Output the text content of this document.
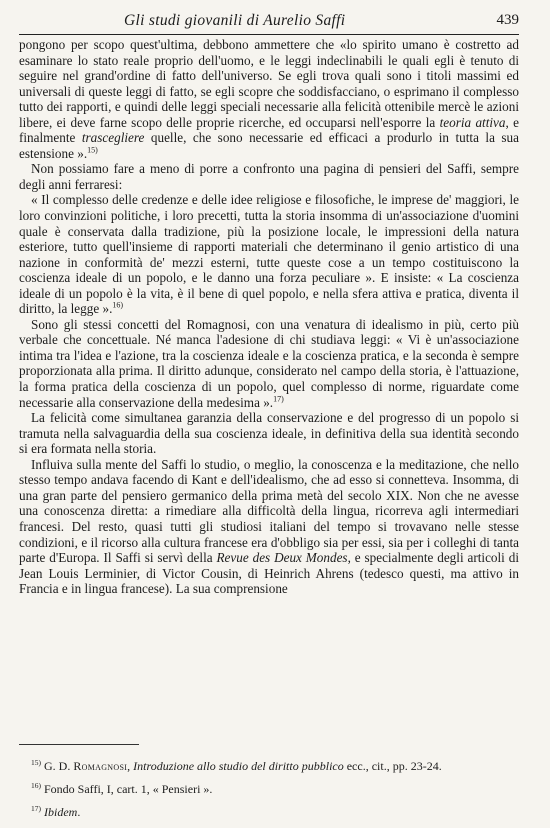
Gli studi giovanili di Aurelio Saffi	439

pongono per scopo quest'ultima, debbono ammettere che «lo spirito umano è costretto ad esaminare lo stato reale proprio dell'uomo, e le leggi indeclinabili le quali egli è tenuto di seguire nel grand'ordine di fatto dell'universo. Se egli trova quali sono i titoli massimi ed universali di queste leggi di fatto, se egli scopre che soddisfacciano, o esprimano il complesso tutto dei rapporti, e quindi delle leggi speciali necessarie alla felicità ottenibile mercè le azioni libere, ei deve farne scopo delle proprie ricerche, ed occuparsi nell'esporre la teoria attiva, e finalmente trascegliere quelle, che sono necessarie ed efficaci a produrlo in tutta la sua estensione ».$^{15)}$

Non possiamo fare a meno di porre a confronto una pagina di pensieri del Saffi, sempre degli anni ferraresi:

« Il complesso delle credenze e delle idee religiose e filosofiche, le imprese de' maggiori, le loro convinzioni politiche, i loro precetti, tutta la storia insomma di un'associazione d'uomini quale è conservata dalla tradizione, più la posizione locale, le impressioni della natura esteriore, tutto quell'insieme di rapporti materiali che determinano il genio artistico di una nazione in conformità de' mezzi esterni, tutte queste cose a un tempo costituiscono la coscienza ideale di un popolo, e le danno una forza peculiare ». E insiste: « La coscienza ideale di un popolo è la vita, è il bene di quel popolo, e nella sfera attiva e pratica, diventa il diritto, la legge ».$^{16)}$

Sono gli stessi concetti del Romagnosi, con una venatura di idealismo in più, certo più verbale che concettuale. Né manca l'adesione di chi studiava leggi: « Vi è un'associazione intima tra l'idea e l'azione, tra la coscienza ideale e la coscienza pratica, e la seconda è sempre proporzionata alla prima. Il diritto adunque, considerato nel campo della storia, è l'attuazione, la forma pratica della coscienza di un popolo, quel complesso di norme, riguardate come necessarie alla conservazione della medesima ».$^{17)}$

La felicità come simultanea garanzia della conservazione e del progresso di un popolo si tramuta nella salvaguardia della sua coscienza ideale, in definitiva della sua identità secondo si era formata nella storia.

Influiva sulla mente del Saffi lo studio, o meglio, la conoscenza e la meditazione, che nello stesso tempo andava facendo di Kant e dell'idealismo, che ad esso si connetteva. Insomma, di una gran parte del pensiero germanico della prima metà del secolo XIX. Non che ne avesse una conoscenza diretta: a rimediare alla difficoltà della lingua, ricorreva agli intermediari francesi. Del resto, quasi tutti gli studiosi italiani del tempo si trovavano nelle stesse condizioni, e il ricorso alla cultura francese era d'obbligo sia per essi, sia per i colleghi di tanta parte d'Europa. Il Saffi si servì della Revue des Deux Mondes, e specialmente degli articoli di Jean Louis Lerminier, di Victor Cousin, di Heinrich Ahrens (tedesco questi, ma attivo in Francia e in lingua francese). La sua comprensione

$^{15)}$ G. D. Romagnosi, Introduzione allo studio del diritto pubblico ecc., cit., pp. 23-24.

$^{16)}$ Fondo Saffi, I, cart. 1, « Pensieri ».

$^{17)}$ Ibidem.
